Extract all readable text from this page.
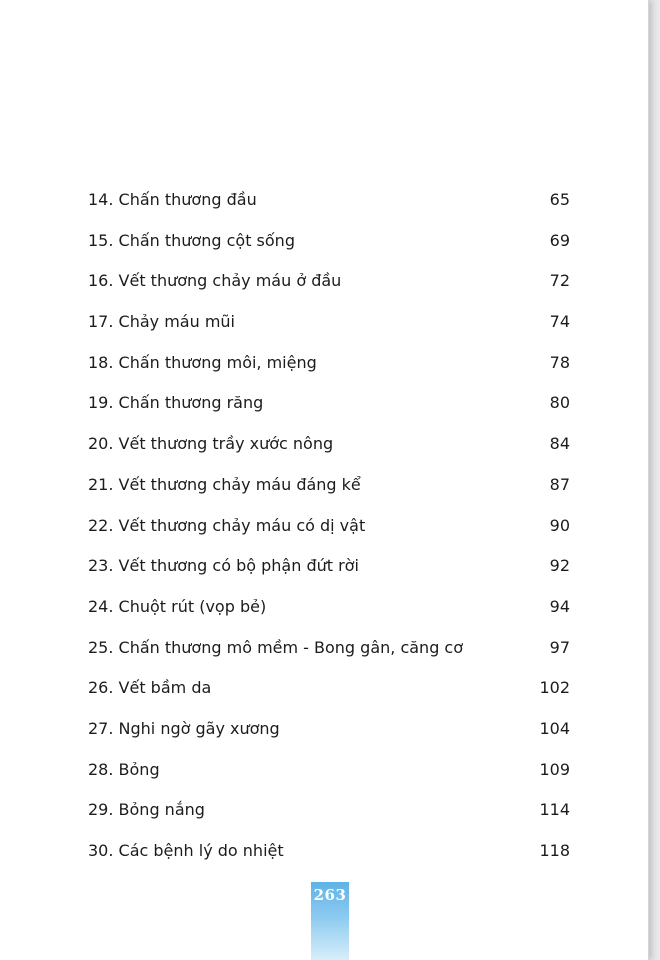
14. Chấn thương đầu	65
15. Chấn thương cột sống	69
16. Vết thương chảy máu ở đầu	72
17. Chảy máu mũi	74
18. Chấn thương môi, miệng	78
19. Chấn thương răng	80
20. Vết thương trầy xước nông	84
21. Vết thương chảy máu đáng kể	87
22. Vết thương chảy máu có dị vật	90
23. Vết thương có bộ phận đứt rời	92
24. Chuột rút (vọp bẻ)	94
25. Chấn thương mô mềm - Bong gân, căng cơ	97
26. Vết bầm da	102
27. Nghi ngờ gãy xương	104
28. Bỏng	109
29. Bỏng nắng	114
30. Các bệnh lý do nhiệt	118
263
